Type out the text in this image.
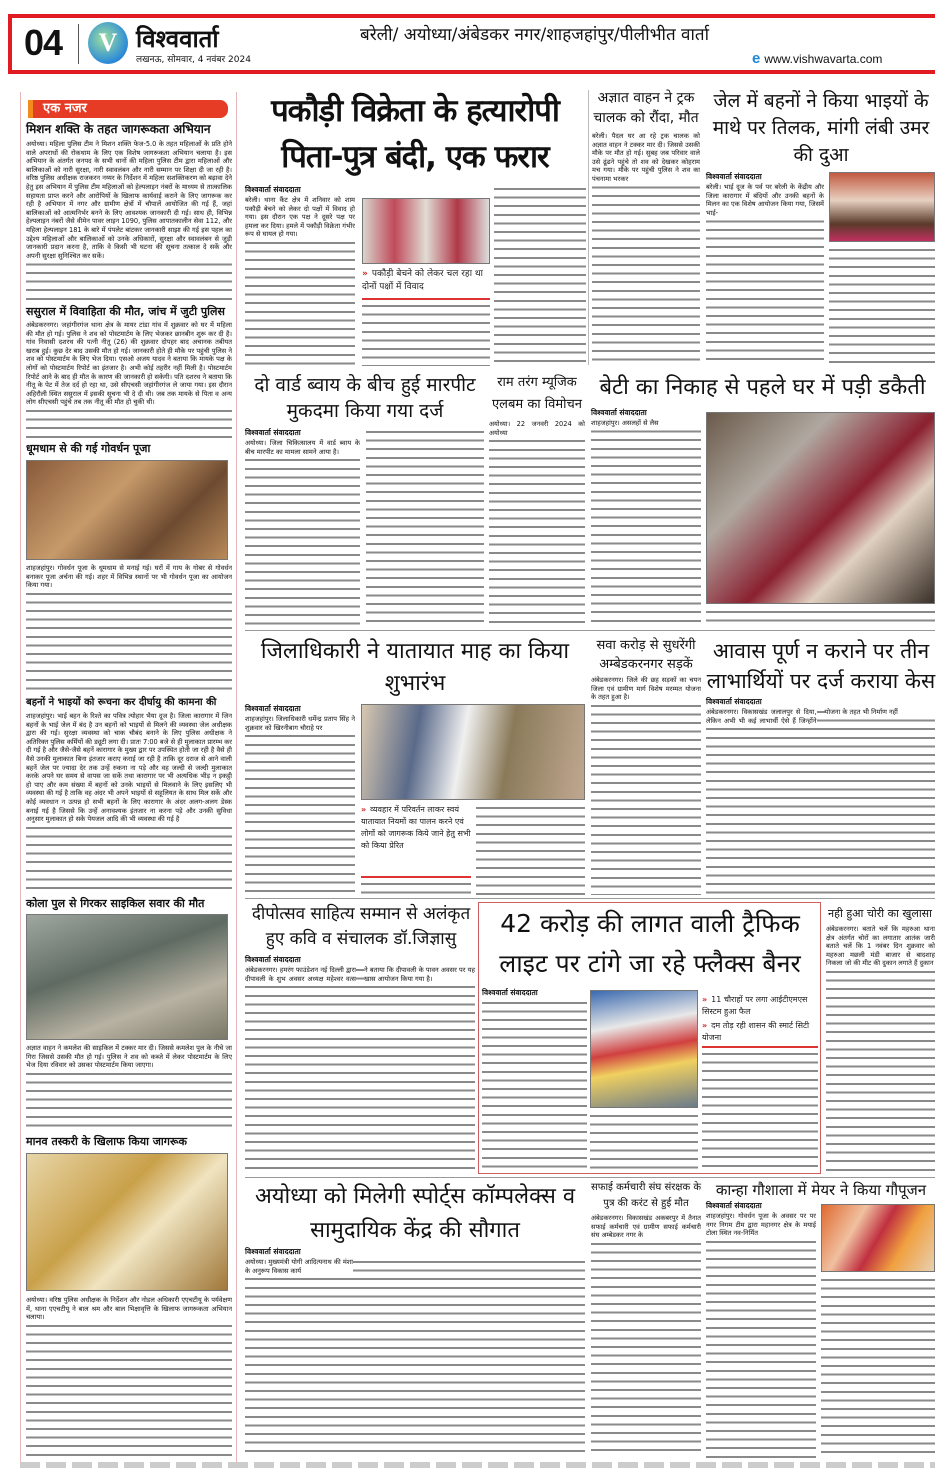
04	V विश्ववार्ता
लखनऊ, सोमवार, 4 नवंबर 2024
बरेली/ अयोध्या/अंबेडकर नगर/शाहजहांपुर/पीलीभीत वार्ता
e www.vishwavarta.com
एक नजर
मिशन शक्ति के तहत जागरूकता अभियान

अयोध्या। महिला पुलिस टीम ने मिशन शक्ति फेज-5.0 के तहत महिलाओं के प्रति होने वाले अपराधों की रोकथाम के लिए एक विशेष जागरूकता अभियान चलाया है। इस अभियान के अंतर्गत जनपद के सभी थानों की महिला पुलिस टीम द्वारा महिलाओं और बालिकाओं को नारी सुरक्षा, नारी स्वावलंबन और नारी सम्मान पर शिक्षा दी जा रही है। वरिष्ठ पुलिस अधीक्षक राजकरन नय्यर के निर्देशन में महिला सशक्तिकरण को बढ़ावा देने हेतु इस अभियान में पुलिस टीम महिलाओं को हेल्पलाइन नंबरों के माध्यम से तात्कालिक सहायता प्राप्त करने और आरोपियों के खिलाफ कार्यवाई कराने के लिए जागरूक कर रही है अभियान में नगर और ग्रामीण क्षेत्रों में चौपालें आयोजित की गई हैं, जहां बालिकाओं को आत्मनिर्भर बनने के लिए आवश्यक जानकारी दी गई। साथ ही, विभिन्न हेल्पलाइन नंबरों जैसे वीमेन पावर लाइन 1090, पुलिस आपातकालीन सेवा 112, और महिला हेल्पलाइन 181 के बारे में पंपलेट बांटकर जानकारी साझा की गई इस पहल का उद्देश्य महिलाओं और बालिकाओं को उनके अधिकारों, सुरक्षा और स्वावलंबन से जुड़ी जानकारी प्रदान करना है, ताकि वे किसी भी घटना की सूचना तत्काल दे सकें और अपनी सुरक्षा सुनिश्चित कर सकें।

ससुराल में विवाहिता की मौत, जांच में जुटी पुलिस

अंबेडकरनगर। जहांगीरगंज थाना क्षेत्र के मायर टांडा गांव में शुक्रवार को घर में महिला की मौत हो गई। पुलिस ने शव को पोस्टमार्टम के लिए भेजकर छानबीन शुरू कर दी है। गांव निवासी दशरथ की पत्नी नीतू (26) की शुक्रवार दोपहर बाद अचानक तबीयत खराब हुई। कुछ देर बाद उसकी मौत हो गई। जानकारी होते ही मौके पर पहुंची पुलिस ने शव को पोस्टमार्टम के लिए भेज दिया। एसओ अजय यादव ने बताया कि मायके पक्ष के लोगों को पोस्टमार्टम रिपोर्ट का इंतजार है। अभी कोई तहरीर नहीं मिली है। पोस्टमार्टम रिपोर्ट आने के बाद ही मौत के कारण की जानकारी हो सकेगी। पति दशरथ ने बताया कि नीतू के पेट में तेज दर्द हो रहा था, उसे सीएचसी जहांगीरगंज ले जाया गया। इस दौरान अहिरौली स्थित ससुराल में इसकी सूचना भी दे दी थी। जब तक मायके से पिता व अन्य लोग सीएचसी पहुंचे तब तक नीतू की मौत हो चुकी थी।

धूमधाम से की गई गोवर्धन पूजा

शाहजहांपुर। गोवर्धन पूजा के धूमधाम से मनाई गई। घरों में गाय के गोबर से गोवर्धन बनाकर पूजा अर्चना की गई। शहर में विभिन्न स्थानों पर भी गोवर्धन पूजा का आयोजन किया गया।

बहनों ने भाइयों को रूचना कर दीर्घायु की कामना की

शाहजहांपुर। भाई बहन के रिश्ते का पवित्र त्योहार भैया दूज है। जिला कारागार में जिन बहनों के भाई जेल में बंद है उन बहनों को भाइयों से मिलने की व्यवस्था जेल अधीक्षक द्वारा की गई। सुरक्षा व्यवस्था को चाक चौबंद बनाने के लिए पुलिस अधीक्षक ने अतिरिक्त पुलिस कर्मियों की ड्यूटी लगा दी। प्रातः 7:00 बजे से ही मुलाकात प्रारम्भ कर दी गई है और जैसे-जैसे बहनें कारागार के मुख्य द्वार पर उपस्थित होती जा रही है वैसे ही वैसे उनकी मुलाकात बिना इंतजार कराए कराई जा रही है ताकि दूर दराज से आने वाली बहनें जेल पर ज्यादा देर तक उन्हें रुकना ना पड़े और वह जल्दी से जल्दी मुलाकात करके अपने घर समय से वापस जा सकें तथा कारागार पर भी अत्यधिक भीड़ न इकट्ठी हो पाए और कम संख्या में बहनों को उनके भाइयों से मिलवाने के लिए इसलिए भी व्यवस्था की गई है ताकि वह अंदर भी अपने भाइयों से सहूलियत के साथ मिल सकें और कोई व्यवधान न उत्पन्न हो सभी बहनों के लिए कारागार के अंदर अलग-अलग डेस्क बनाई गई है जिससे कि उन्हें अनावश्यक इंतजार ना करना पड़े और उनकी सुविधा अनुसार मुलाकात हो सके पेयजल आदि की भी व्यवस्था की गई है

कोला पुल से गिरकर साइकिल सवार की मौत

अज्ञात वाहन ने कमलेश की साइकिल में टक्कर मार दी। जिससे कमलेश पुल के नीचे जा गिरा जिससे उसकी मौत हो गई। पुलिस ने शव को कब्जे में लेकर पोस्टमार्टम के लिए भेज दिया रविवार को उसका पोस्टमार्टम किया जाएगा।

मानव तस्करी के खिलाफ किया जागरूक

अयोध्या। वरिष्ठ पुलिस अधीक्षक के निर्देशन और नोडल अधिकारी एएचटीयू के पर्यवेक्षण में, थाना एएचटीयू ने बाल श्रम और बाल भिक्षावृत्ति के खिलाफ जागरूकता अभियान चलाया।

पकौड़ी विक्रेता के हत्यारोपी पिता-पुत्र बंदी, एक फरार
विश्ववार्ता संवाददाता

बरेली। थाना कैंट क्षेत्र में शनिवार को शाम पकौड़ी बेचने को लेकर दो पक्षों में विवाद हो गया। इस दौरान एक पक्ष ने दूसरे पक्ष पर हमला कर दिया। हमले में पकौड़ी विक्रेता गंभीर रूप से घायल हो गया।

» पकौड़ी बेचने को लेकर चल रहा था दोनों पक्षों में विवाद
अज्ञात वाहन ने ट्रक चालक को रौंदा, मौत

बरेली। पैदल घर आ रहे ट्रक चालक को अज्ञात वाहन ने टक्कर मार दी। जिससे उसकी मौके पर मौत हो गई। सुबह जब परिवार वाले उसे ढूंढने पहुंचे तो शव को देखकर कोहराम मच गया। मौके पर पहुंची पुलिस ने शव का पंचनामा भरकर

जेल में बहनों ने किया भाइयों के माथे पर तिलक, मांगी लंबी उमर की दुआ
विश्ववार्ता संवाददाता

बरेली। भाई दूज के पर्व पर बरेली के केंद्रीय और जिला कारागार में बंदियों और उनकी बहनों के मिलन का एक विशेष आयोजन किया गया, जिसमें भाई-

दो वार्ड ब्वाय के बीच हुई मारपीट मुकदमा किया गया दर्ज
विश्ववार्ता संवाददाता

अयोध्या। जिला चिकित्सालय में वार्ड ब्वाय के बीच मारपीट का मामला सामने आया है।

राम तरंग म्यूजिक एलबम का विमोचन

अयोध्या। 22 जनवरी 2024 को अयोध्या

बेटी का निकाह से पहले घर में पड़ी डकैती
विश्ववार्ता संवाददाता

शाहजहांपुर। असलहों से लैस

जिलाधिकारी ने यातायात माह का किया शुभारंभ
विश्ववार्ता संवाददाता

शाहजहांपुर। जिलाधिकारी धर्मेन्द्र प्रताप सिंह ने शुक्रवार को खिरनीबाग चौराहे पर

» व्यवहार में परिवर्तन लाकर स्वयं यातायात नियमों का पालन करने एवं लोगों को जागरूक किये जाने हेतु सभी को किया प्रेरित
सवा करोड़ से सुधरेंगी अम्बेडकरनगर सड़कें

अंबेडकरनगर। जिले की छह सड़कों का चयन जिला एवं ग्रामीण मार्ग विशेष मरम्मत योजना के तहत हुआ है।

आवास पूर्ण न कराने पर तीन लाभार्थियों पर दर्ज कराया केस
विश्ववार्ता संवाददाता

अंबेडकरनगर। विकासखंड जलालपुर से दिया, लेकिन अभी भी कई लाभार्थी ऐसे हैं जिन्होंने योजना के तहत भी निर्माण नहीं

दीपोत्सव साहित्य सम्मान से अलंकृत हुए कवि व संचालक डॉ.जिज्ञासु
विश्ववार्ता संवाददाता

अंबेडकरनगर। हमरंग फाउंडेशन नई दिल्ली द्वारा दीपावली के शुभ अवसर अध्यक्ष महेश्वर वत्स ने बताया कि दीपावली के पावन अवसर पर यह खास आयोजन किया गया है।

42 करोड़ की लागत वाली ट्रैफिक लाइट पर टांगे जा रहे फ्लैक्स बैनर
विश्ववार्ता संवाददाता
» 11 चौराहों पर लगा आईटीएमएस सिस्टम हुआ फैल
» दम तोड़ रही शासन की स्मार्ट सिटी योजना
नही हुआ चोरी का खुलासा

अंबेडकरनगर। बताते चलें कि महरुआ थाना क्षेत्र अंतर्गत चोरों का लगातार आतंक जारी बताते चलें कि 1 नवंबर दिन शुक्रवार को महरुआ मछली मंडी बाजार से बादशाह निकला जो की मीट की दुकान लगाते हैं दुकान

अयोध्या को मिलेगी स्पोर्ट्स कॉम्पलेक्स व सामुदायिक केंद्र की सौगात
विश्ववार्ता संवाददाता

अयोध्या। मुख्यमंत्री योगी आदित्यनाथ की मंशा के अनुरूप विकास कार्य

सफाई कर्मचारी संघ संरक्षक के पुत्र की करंट से हुई मौत

अंबेडकरनगर। विकासखंड अकबरपुर में तैनात सफाई कर्मचारी एवं ग्रामीण सफाई कर्मचारी संघ अम्बेडकर नगर के

कान्हा गौशाला में मेयर ने किया गौपूजन
विश्ववार्ता संवाददाता

शाहजहांपुर। गोवर्धन पूजा के अवसर पर पर नगर निगम टीम द्वारा महानगर क्षेत्र के मयाई टोला स्थित नव-निर्मित
